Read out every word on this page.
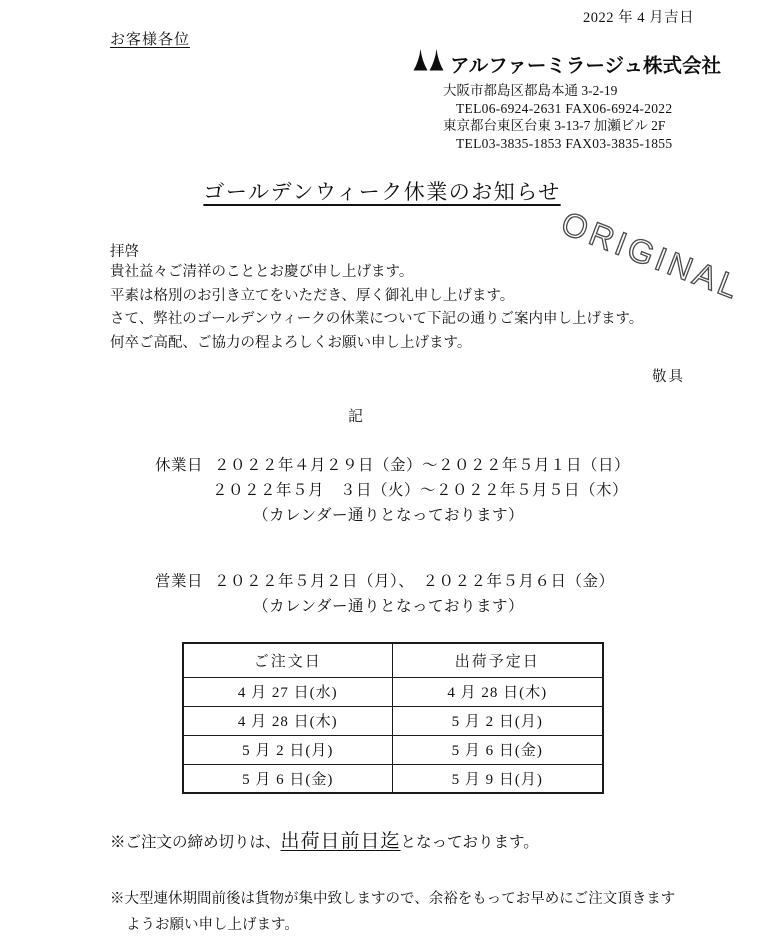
2022 年 4 月吉日
お客様各位
アルファーミラージュ株式会社
大阪市都島区都島本通 3-2-19
TEL06-6924-2631 FAX06-6924-2022
東京都台東区台東 3-13-7 加瀬ビル 2F
TEL03-3835-1853 FAX03-3835-1855
ゴールデンウィーク休業のお知らせ
ORIGINAL
拝啓
貴社益々ご清祥のこととお慶び申し上げます。
平素は格別のお引き立てをいただき、厚く御礼申し上げます。
さて、弊社のゴールデンウィークの休業について下記の通りご案内申し上げます。
何卒ご高配、ご協力の程よろしくお願い申し上げます。
敬具
記
休業日 ２０２２年４月２９日（金）～２０２２年５月１日（日）
２０２２年５月　３日（火）～２０２２年５月５日（木）
（カレンダー通りとなっております）
営業日 ２０２２年５月２日（月）、　２０２２年５月６日（金）
（カレンダー通りとなっております）
ご注文日	出荷予定日
4 月 27 日(水)	4 月 28 日(木)
4 月 28 日(木)	5 月 2 日(月)
5 月 2 日(月)	5 月 6 日(金)
5 月 6 日(金)	5 月 9 日(月)
※ご注文の締め切りは、出荷日前日迄となっております。
※大型連休期間前後は貨物が集中致しますので、余裕をもってお早めにご注文頂きます
ようお願い申し上げます。
